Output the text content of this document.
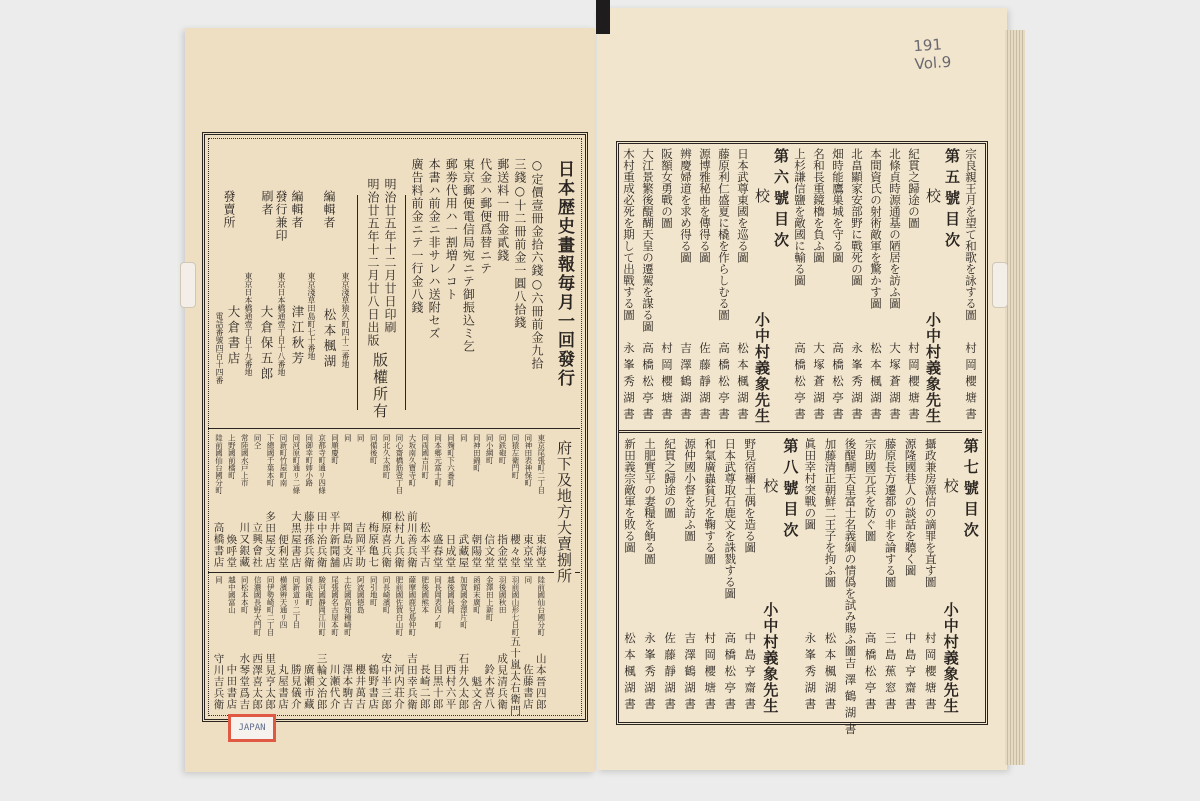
日本歴史畫報毎月一回發行
○定價壹冊金拾六錢○六冊前金九拾
三錢○十二冊前金一圓八拾錢
郵送料一冊金貳錢
代金ハ郵便爲替ニテ
東京郵便電信局宛ニテ御振込ミ乞
郵劵代用ハ一割増ノコト
本書ハ前金ニ非サレハ送附セズ
廣告料前金ニテ一行金八錢
明治廿五年十二月廿日印刷
明治廿五年十二月廿八日出版
版權所有
編輯者
東京淺草猿久町四十二番地
松本楓湖
編輯者
東京淺草田島町七十番地
津江秋芳
發行兼印刷者
東京日本橋通壹丁目十八番地
大倉保五郎
發賣所
東京日本橋通壹丁目十九番地
大倉書店
電話番號四百十四番
府下及地方大賣捌所
東京尾張町二丁目
東海堂
同神田表神保町
東京堂
同猿左衛門町
櫻々堂
同鉄砲町
指金堂
同小網町
信文堂
同神田錦町
朝陽堂
同
武藏屋
同麹町下六番町
日成堂
同本郷元富士町
盛春堂
同両國吉川町
松本平吉
大坂南久寶寺町
前川善兵衛
同心齋橋筋壹丁目
松村九兵衛
同北久太郎町
柳原喜兵衛
同備後町
梅原亀七
同
吉岡平助
同
岡島支店
同順慶町
平井新聞舗
京都寺町通リ四條
田中治兵衛
同御幸町姉小路
藤井孫兵衛
同河原町通リ二條
大黒屋書店
同新町竹屋町南
便利堂
下總國千葉本町
多田屋支店
同仝
立興會社
常陸國水戸上市
川又銀藏
上野國前橋町
煥呼堂
陸前國仙台國分町
高橋書店
陸前國仙台國分町
山本晉四郎
同
佐藤書店
羽前國山形七日町
五十嵐太右衛門
羽後國秋田
成見清兵衛
金澤田上新町
鈴木喜八
函館末廣町
魁文舍
加賀國金澤片町
石井久太郎
越後國長岡
西村六平
同長岡表四ノ町
目黒十郎
肥後國熊本
長崎二郎
薩摩國鹿兒島仲町
吉田幸兵衛
肥前國佐賀白山町
河内荘介
同長崎濱町
安中半三郎
同引地町
鶴野書店
阿波國徳島
櫻井萬吉
土佐國高知種崎町
澤本駒吉
尾張國名古屋本町
川瀬代介
駿河國静岡江川町
三輪文治郎
同鉄砲町
廣瀬市藏
同新道リ二丁目
勝見儀介
横濱辨天通リ四
丸屋書店
同伊勢崎町二丁目
里見亨太郎
信濃國長野大門町
西澤喜太郎
同松本本町
水琴堂爲吉
越中國富山
中田書店
同
守川吉兵衛
JAPAN
191
Vol.9
宗良親王月を望て和歌を詠する圖
村岡櫻塘書
第五號目次
校
小中村義象先生
紀貫之歸途の圖
村岡櫻塘書
北條貞時源通基の陋居を訪ふ圖
大塚蒼湖書
本間資氏の射術敵軍を驚かす圖
松本楓湖書
北畠顯家安部野に戰死の圖
永峯秀湖書
畑時能鷹巣城を守る圖
高橋松亭書
名和長重鏡櫓を負ふ圖
大塚蒼湖書
上杉謙信鹽を敵國に輸る圖
高橋松亭書
第六號目次
校
小中村義象先生
日本武尊東國を巡る圖
松本楓湖書
藤原利仁盛夏に橇を作らしむる圖
高橋松亭書
源博雅秘曲を傳得る圖
佐藤靜湖書
辨慶婦道を求め得る圖
吉澤鶴湖書
阪額女勇戰の圖
村岡櫻塘書
大江景繁後醍醐天皇の遷駕を謀る圖
高橋松亭書
木村重成必死を期して出戰する圖
永峯秀湖書
第七號目次
校
小中村義象先生
攝政兼房源信の謫罪を直す圖
村岡櫻塘書
源隆國巷人の談話を聽く圖
中島亨齋書
藤原長方遷都の非を論する圖
三島蕉窓書
宗助國元兵を防ぐ圖
高橋松亭書
後醍醐天皇富士名義綱の情僞を試み賜ふ圖
吉澤鶴湖書
加藤清正朝鮮二王子を拘ふ圖
松本楓湖書
眞田幸村突戰の圖
永峯秀湖書
第八號目次
校
小中村義象先生
野見宿禰土偶を造る圖
中島亨齋書
日本武尊取石鹿文を誅戮する圖
高橋松亭書
和氣廣蟲貧兒を鞠する圖
村岡櫻塘書
源仲國小督を訪ふ圖
吉澤鶴湖書
紀貫之歸途の圖
佐藤靜湖書
土肥實平の妻糧を餉る圖
永峯秀湖書
新田義宗敵軍を敗る圖
松本楓湖書
